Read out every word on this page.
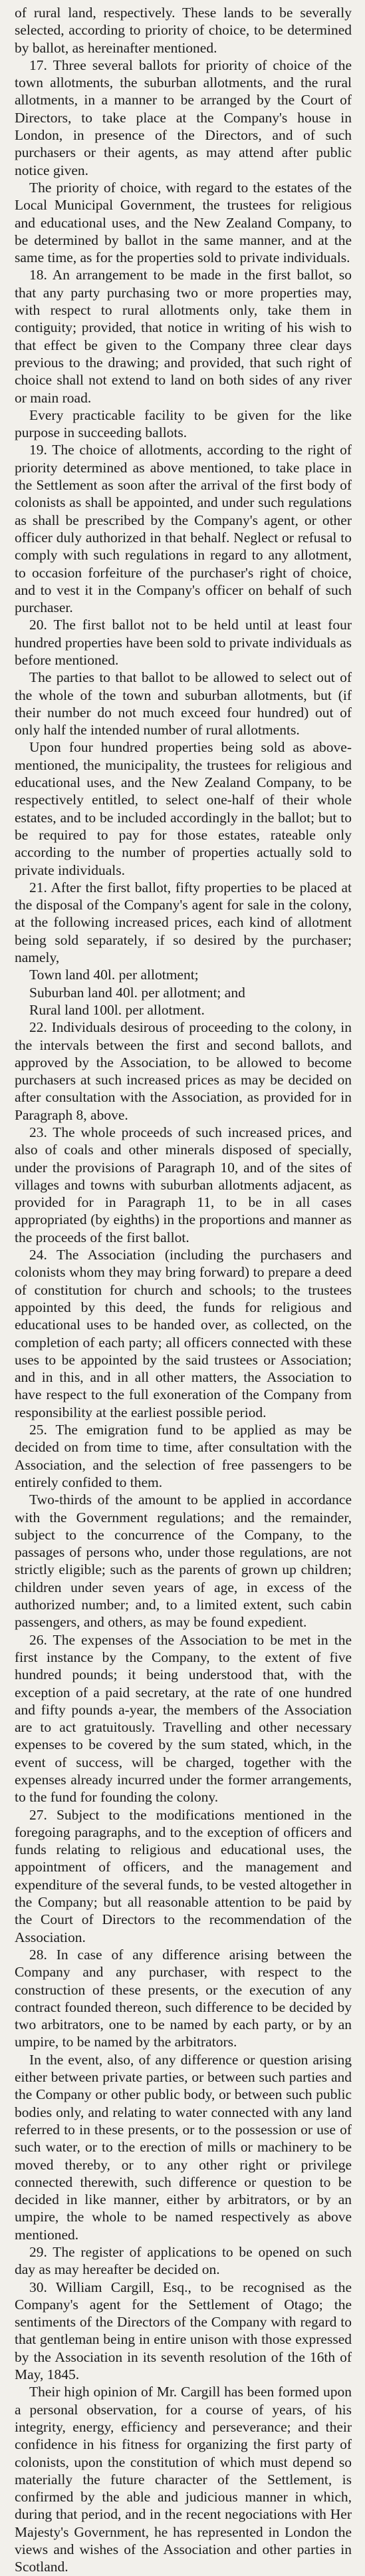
of rural land, respectively. These lands to be severally selected, according to priority of choice, to be determined by ballot, as hereinafter mentioned.

17. Three several ballots for priority of choice of the town allotments, the suburban allotments, and the rural allotments, in a manner to be arranged by the Court of Directors, to take place at the Company's house in London, in presence of the Directors, and of such purchasers or their agents, as may attend after public notice given.

The priority of choice, with regard to the estates of the Local Municipal Government, the trustees for religious and educational uses, and the New Zealand Company, to be determined by ballot in the same manner, and at the same time, as for the properties sold to private individuals.

18. An arrangement to be made in the first ballot, so that any party purchasing two or more properties may, with respect to rural allotments only, take them in contiguity; provided, that notice in writing of his wish to that effect be given to the Company three clear days previous to the drawing; and provided, that such right of choice shall not extend to land on both sides of any river or main road.

Every practicable facility to be given for the like purpose in succeeding ballots.

19. The choice of allotments, according to the right of priority determined as above mentioned, to take place in the Settlement as soon after the arrival of the first body of colonists as shall be appointed, and under such regulations as shall be prescribed by the Company's agent, or other officer duly authorized in that behalf. Neglect or refusal to comply with such regulations in regard to any allotment, to occasion forfeiture of the purchaser's right of choice, and to vest it in the Company's officer on behalf of such purchaser.

20. The first ballot not to be held until at least four hundred properties have been sold to private individuals as before mentioned.

The parties to that ballot to be allowed to select out of the whole of the town and suburban allotments, but (if their number do not much exceed four hundred) out of only half the intended number of rural allotments.

Upon four hundred properties being sold as above-mentioned, the municipality, the trustees for religious and educational uses, and the New Zealand Company, to be respectively entitled, to select one-half of their whole estates, and to be included accordingly in the ballot; but to be required to pay for those estates, rateable only according to the number of properties actually sold to private individuals.

21. After the first ballot, fifty properties to be placed at the disposal of the Company's agent for sale in the colony, at the following increased prices, each kind of allotment being sold separately, if so desired by the purchaser; namely,

Town land 40l. per allotment;

Suburban land 40l. per allotment; and

Rural land 100l. per allotment.

22. Individuals desirous of proceeding to the colony, in the intervals between the first and second ballots, and approved by the Association, to be allowed to become purchasers at such increased prices as may be decided on after consultation with the Association, as provided for in Paragraph 8, above.

23. The whole proceeds of such increased prices, and also of coals and other minerals disposed of specially, under the provisions of Paragraph 10, and of the sites of villages and towns with suburban allotments adjacent, as provided for in Paragraph 11, to be in all cases appropriated (by eighths) in the proportions and manner as the proceeds of the first ballot.

24. The Association (including the purchasers and colonists whom they may bring forward) to prepare a deed of constitution for church and schools; to the trustees appointed by this deed, the funds for religious and educational uses to be handed over, as collected, on the completion of each party; all officers connected with these uses to be appointed by the said trustees or Association; and in this, and in all other matters, the Association to have respect to the full exoneration of the Company from responsibility at the earliest possible period.

25. The emigration fund to be applied as may be decided on from time to time, after consultation with the Association, and the selection of free passengers to be entirely confided to them.

Two-thirds of the amount to be applied in accordance with the Government regulations; and the remainder, subject to the concurrence of the Company, to the passages of persons who, under those regulations, are not strictly eligible; such as the parents of grown up children; children under seven years of age, in excess of the authorized number; and, to a limited extent, such cabin passengers, and others, as may be found expedient.

26. The expenses of the Association to be met in the first instance by the Company, to the extent of five hundred pounds; it being understood that, with the exception of a paid secretary, at the rate of one hundred and fifty pounds a-year, the members of the Association are to act gratuitously. Travelling and other necessary expenses to be covered by the sum stated, which, in the event of success, will be charged, together with the expenses already incurred under the former arrangements, to the fund for founding the colony.

27. Subject to the modifications mentioned in the foregoing paragraphs, and to the exception of officers and funds relating to religious and educational uses, the appointment of officers, and the management and expenditure of the several funds, to be vested altogether in the Company; but all reasonable attention to be paid by the Court of Directors to the recommendation of the Association.

28. In case of any difference arising between the Company and any purchaser, with respect to the construction of these presents, or the execution of any contract founded thereon, such difference to be decided by two arbitrators, one to be named by each party, or by an umpire, to be named by the arbitrators.

In the event, also, of any difference or question arising either between private parties, or between such parties and the Company or other public body, or between such public bodies only, and relating to water connected with any land referred to in these presents, or to the possession or use of such water, or to the erection of mills or machinery to be moved thereby, or to any other right or privilege connected therewith, such difference or question to be decided in like manner, either by arbitrators, or by an umpire, the whole to be named respectively as above mentioned.

29. The register of applications to be opened on such day as may hereafter be decided on.

30. William Cargill, Esq., to be recognised as the Company's agent for the Settlement of Otago; the sentiments of the Directors of the Company with regard to that gentleman being in entire unison with those expressed by the Association in its seventh resolution of the 16th of May, 1845.

Their high opinion of Mr. Cargill has been formed upon a personal observation, for a course of years, of his integrity, energy, efficiency and perseverance; and their confidence in his fitness for organizing the first party of colonists, upon the constitution of which must depend so materially the future character of the Settlement, is confirmed by the able and judicious manner in which, during that period, and in the recent negociations with Her Majesty's Government, he has represented in London the views and wishes of the Association and other parties in Scotland.
